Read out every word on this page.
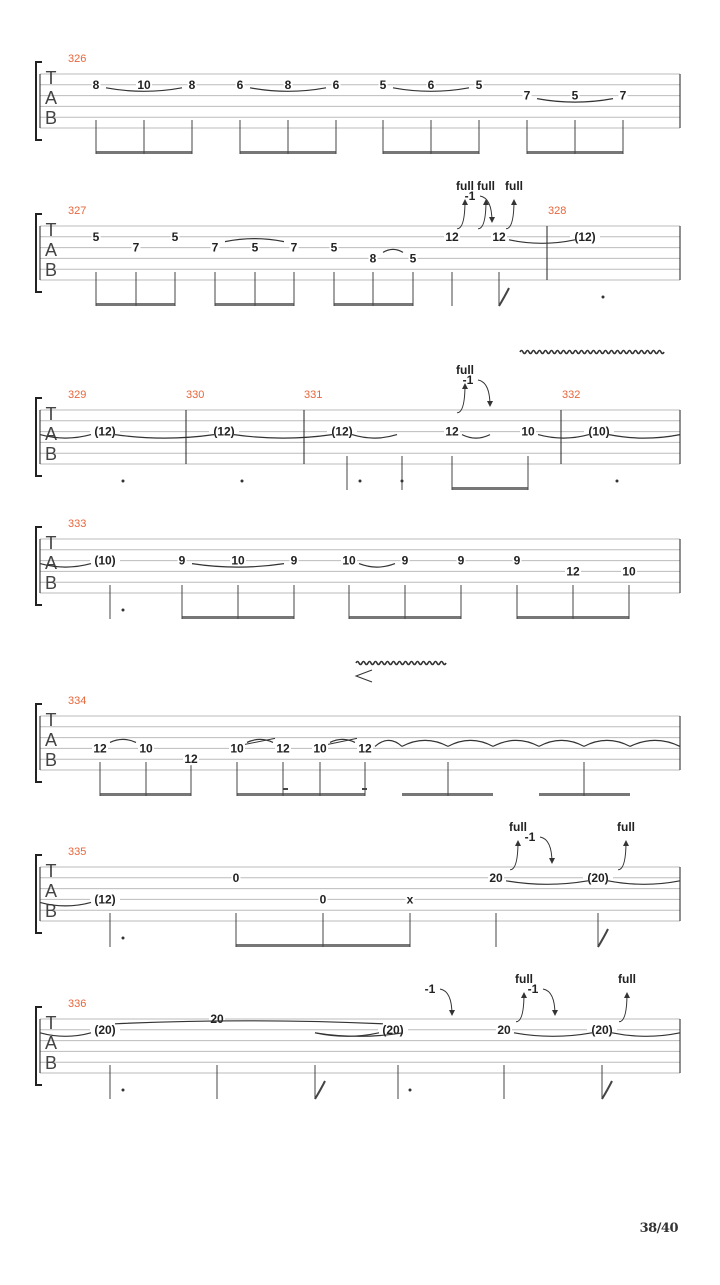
T
A
B
326
8	10	8	6	8	6	5	6	5
7	5	7
T
A
B
327	328
5
7
5
7	5	7	5
8	5
12	12	(12)
full full full
-1
T
A
B
329	330	331	332
(12)	(12)	(12)	12	10	(10)
full
-1
T
A
B
333
(10)	9	10	9	10	9	9	9
12	10
T
A
B
334
12	10
12
10	12 10	12
T
A
B
335
(12)
0
0	x
20	(20)
full	full
-1
T
A
B
336
(20)
20
(20)	20	(20)
full	full
-1	-1
38/40
